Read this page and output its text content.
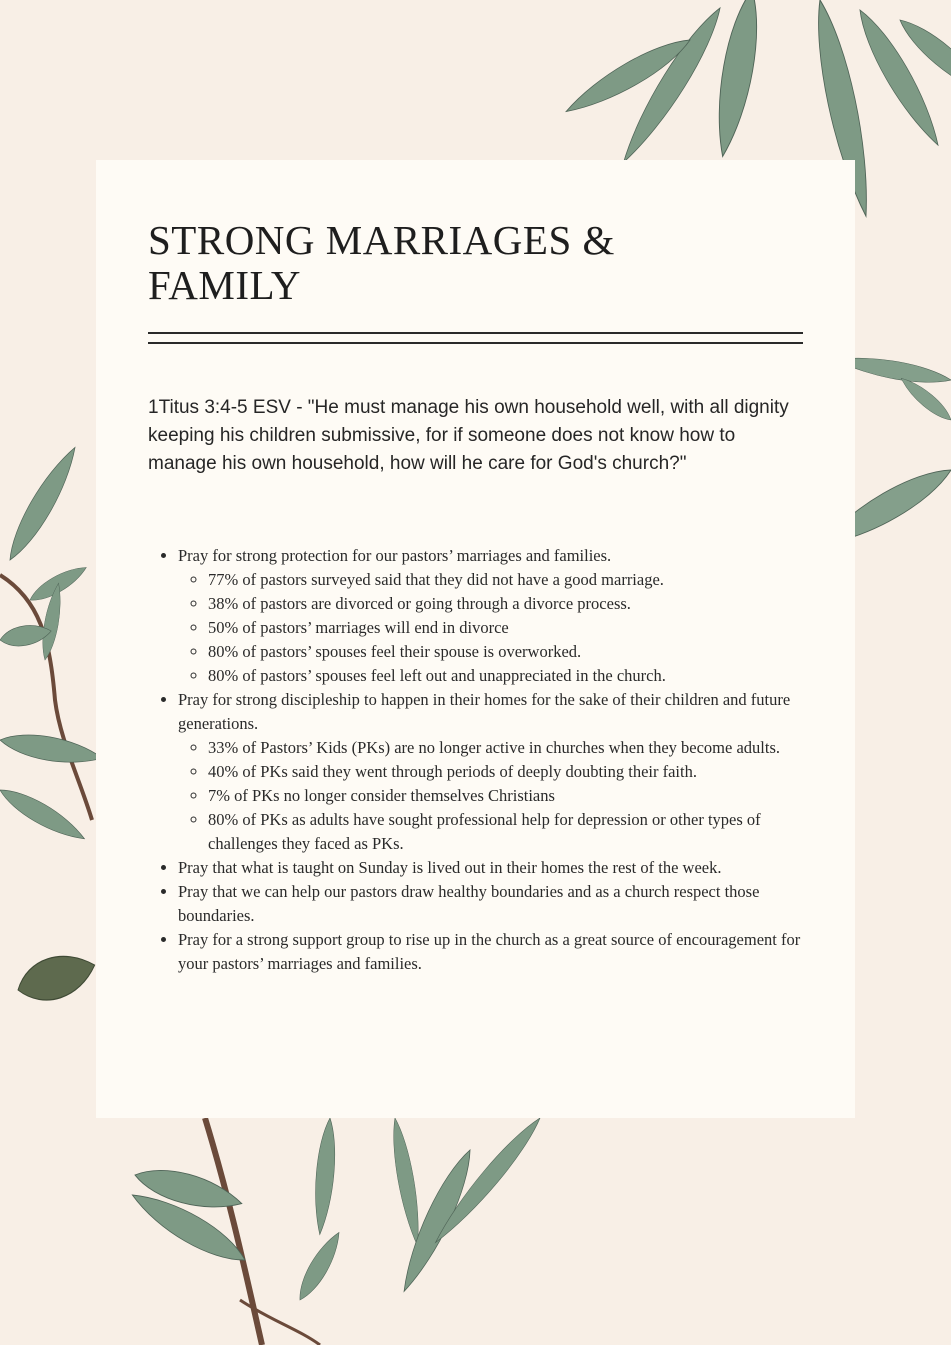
STRONG MARRIAGES &
FAMILY

1Titus 3:4-5 ESV - "He must manage his own household well, with all dignity keeping his children submissive, for if someone does not know how to manage his own household, how will he care for God's church?"

• Pray for strong protection for our pastors’ marriages and families.
◦ 77% of pastors surveyed said that they did not have a good marriage.
◦ 38% of pastors are divorced or going through a divorce process.
◦ 50% of pastors’ marriages will end in divorce
◦ 80% of pastors’ spouses feel their spouse is overworked.
◦ 80% of pastors’ spouses feel left out and unappreciated in the church.
• Pray for strong discipleship to happen in their homes for the sake of their children and future generations.
◦ 33% of Pastors’ Kids (PKs) are no longer active in churches when they become adults.
◦ 40% of PKs said they went through periods of deeply doubting their faith.
◦ 7% of PKs no longer consider themselves Christians
◦ 80% of PKs as adults have sought professional help for depression or other types of challenges they faced as PKs.
• Pray that what is taught on Sunday is lived out in their homes the rest of the week.
• Pray that we can help our pastors draw healthy boundaries and as a church respect those boundaries.
• Pray for a strong support group to rise up in the church as a great source of encouragement for your pastors’ marriages and families.
